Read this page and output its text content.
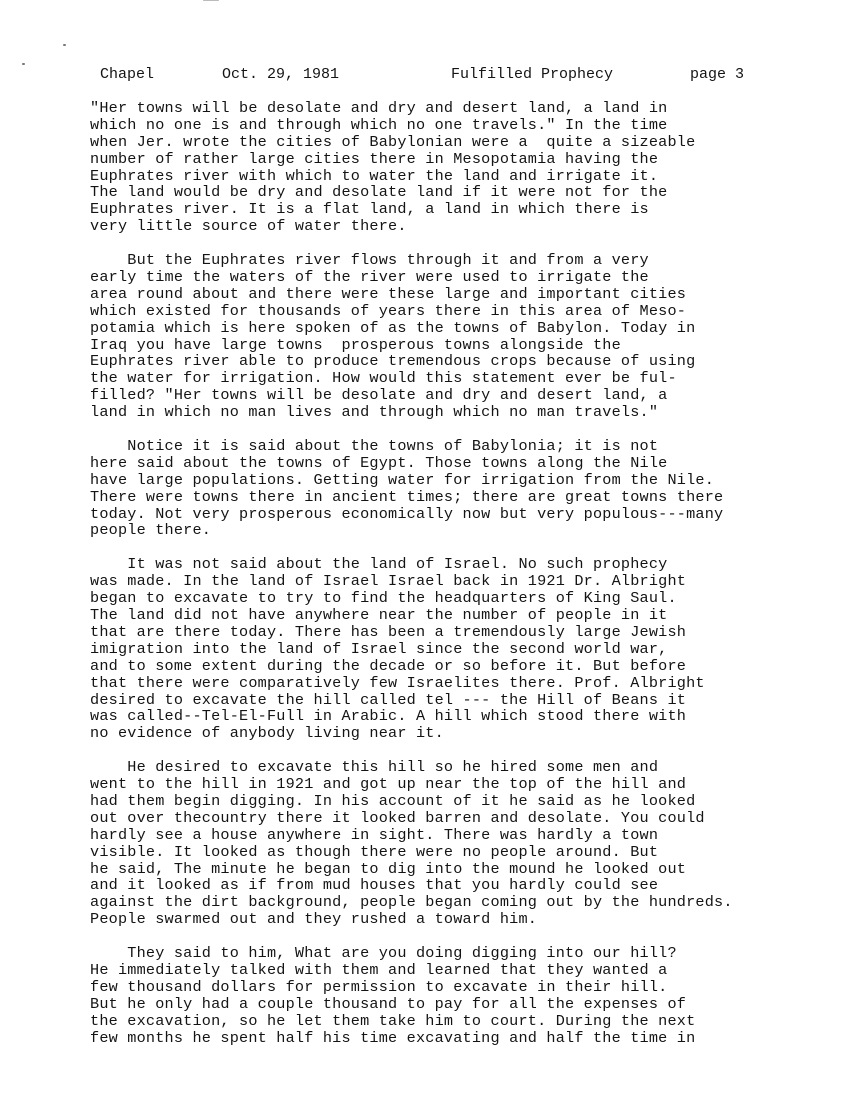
Chapel	Oct. 29, 1981	Fulfilled Prophecy	page 3
"Her towns will be desolate and dry and desert land, a land in
which no one is and through which no one travels." In the time
when Jer. wrote the cities of Babylonian were a  quite a sizeable
number of rather large cities there in Mesopotamia having the
Euphrates river with which to water the land and irrigate it.
The land would be dry and desolate land if it were not for the
Euphrates river. It is a flat land, a land in which there is
very little source of water there.
But the Euphrates river flows through it and from a very
early time the waters of the river were used to irrigate the
area round about and there were these large and important cities
which existed for thousands of years there in this area of Meso-
potamia which is here spoken of as the towns of Babylon. Today in
Iraq you have large towns  prosperous towns alongside the
Euphrates river able to produce tremendous crops because of using
the water for irrigation. How would this statement ever be ful-
filled? "Her towns will be desolate and dry and desert land, a
land in which no man lives and through which no man travels."
Notice it is said about the towns of Babylonia; it is not
here said about the towns of Egypt. Those towns along the Nile
have large populations. Getting water for irrigation from the Nile.
There were towns there in ancient times; there are great towns there
today. Not very prosperous economically now but very populous---many
people there.
It was not said about the land of Israel. No such prophecy
was made. In the land of Israel Israel back in 1921 Dr. Albright
began to excavate to try to find the headquarters of King Saul.
The land did not have anywhere near the number of people in it
that are there today. There has been a tremendously large Jewish
imigration into the land of Israel since the second world war,
and to some extent during the decade or so before it. But before
that there were comparatively few Israelites there. Prof. Albright
desired to excavate the hill called tel --- the Hill of Beans it
was called--Tel-El-Full in Arabic. A hill which stood there with
no evidence of anybody living near it.
He desired to excavate this hill so he hired some men and
went to the hill in 1921 and got up near the top of the hill and
had them begin digging. In his account of it he said as he looked
out over thecountry there it looked barren and desolate. You could
hardly see a house anywhere in sight. There was hardly a town
visible. It looked as though there were no people around. But
he said, The minute he began to dig into the mound he looked out
and it looked as if from mud houses that you hardly could see
against the dirt background, people began coming out by the hundreds.
People swarmed out and they rushed a toward him.
They said to him, What are you doing digging into our hill?
He immediately talked with them and learned that they wanted a
few thousand dollars for permission to excavate in their hill.
But he only had a couple thousand to pay for all the expenses of
the excavation, so he let them take him to court. During the next
few months he spent half his time excavating and half the time in
